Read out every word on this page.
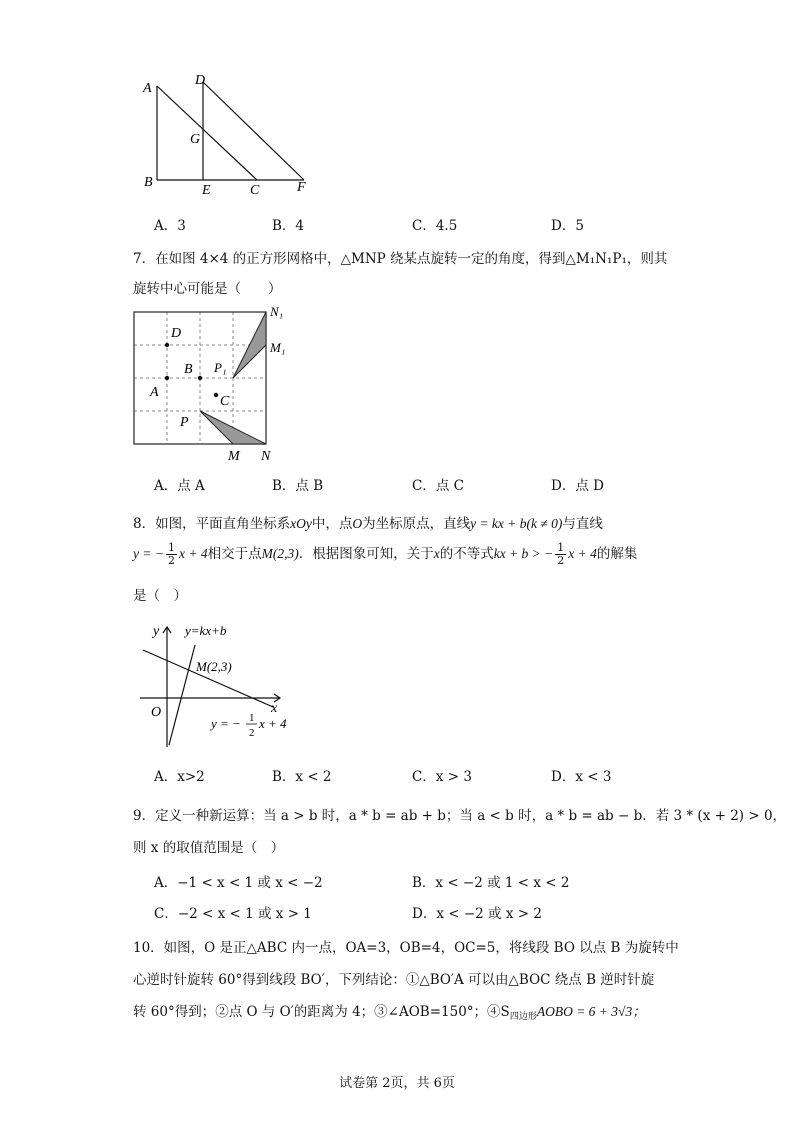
A
D
G
B
E	C	F
A．3	B．4	C．4.5	D．5
7．在如图 4×4 的正方形网格中，△MNP 绕某点旋转一定的角度，得到△M₁N₁P₁，则其
旋转中心可能是（　　）
D
B
A
C
P
M N
P₁
N₁
M₁
A．点 A	B．点 B	C．点 C	D．点 D
8．如图，平面直角坐标系xOy中，点O为坐标原点，直线y = kx + b(k ≠ 0)与直线
y = − $\frac{1}{2}$ x + 4相交于点M(2,3)．根据图象可知，关于x的不等式kx + b > − $\frac{1}{2}$ x + 4的解集
是（　）
y
x
O
y=kx+b
M(2,3)
y = − 1
2
x + 4
A．x>2	B．x < 2	C．x > 3	D．x < 3
9．定义一种新运算：当 a > b 时，a * b = ab + b；当 a < b 时，a * b = ab − b．若 3 * (x + 2) > 0，
则 x 的取值范围是（　）
A．−1 < x < 1 或 x < −2	B．x < −2 或 1 < x < 2
C．−2 < x < 1 或 x > 1	D．x < −2 或 x > 2
10．如图，O 是正△ABC 内一点，OA=3，OB=4，OC=5，将线段 BO 以点 B 为旋转中
心逆时针旋转 60°得到线段 BO′，下列结论：①△BO′A 可以由△BOC 绕点 B 逆时针旋
转 60°得到；②点 O 与 O′的距离为 4；③∠AOB=150°；$④S_{四边形}AOBO = 6 + 3√3$；
试卷第 2页，共 6页
